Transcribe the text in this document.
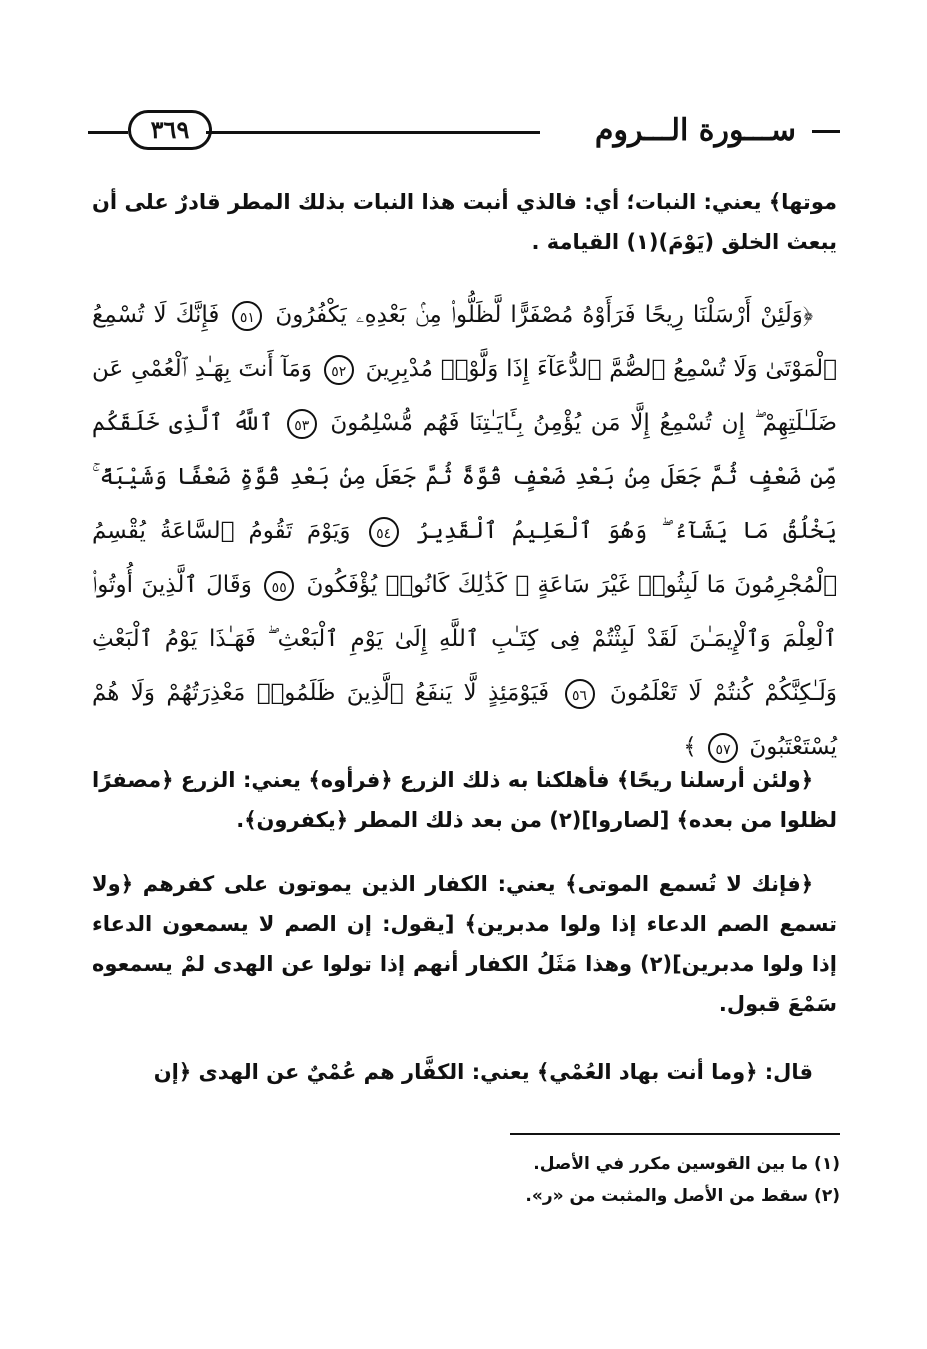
ســـورة الـــروم
٣٦٩
موتها﴾ يعني: النبات؛ أي: فالذي أنبت هذا النبات بذلك المطر قادرٌ على أن يبعث الخلق (يَوْمَ)(١) القيامة .
﴿وَلَئِنْ أَرْسَلْنَا رِيحًا فَرَأَوْهُ مُصْفَرًّا لَّظَلُّوا۟ مِنۢ بَعْدِهِۦ يَكْفُرُونَ ٥١ فَإِنَّكَ لَا تُسْمِعُ ٱلْمَوْتَىٰ وَلَا تُسْمِعُ ٱلصُّمَّ ٱلدُّعَآءَ إِذَا وَلَّوْا۟ مُدْبِرِينَ ٥٢ وَمَآ أَنتَ بِهَـٰدِ ٱلْعُمْىِ عَن ضَلَـٰلَتِهِمْ ۖ إِن تُسْمِعُ إِلَّا مَن يُؤْمِنُ بِـَٔايَـٰتِنَا فَهُم مُّسْلِمُونَ ٥٣ ٱللَّهُ ٱلَّذِى خَلَقَكُم مِّن ضَعْفٍ ثُمَّ جَعَلَ مِنۢ بَعْدِ ضَعْفٍ قُوَّةً ثُمَّ جَعَلَ مِنۢ بَعْدِ قُوَّةٍ ضَعْفًا وَشَيْبَةً ۚ يَخْلُقُ مَا يَشَآءُ ۖ وَهُوَ ٱلْعَلِيمُ ٱلْقَدِيرُ ٥٤ وَيَوْمَ تَقُومُ ٱلسَّاعَةُ يُقْسِمُ ٱلْمُجْرِمُونَ مَا لَبِثُوا۟ غَيْرَ سَاعَةٍ ۚ كَذَٰلِكَ كَانُوا۟ يُؤْفَكُونَ ٥٥ وَقَالَ ٱلَّذِينَ أُوتُوا۟ ٱلْعِلْمَ وَٱلْإِيمَـٰنَ لَقَدْ لَبِثْتُمْ فِى كِتَـٰبِ ٱللَّهِ إِلَىٰ يَوْمِ ٱلْبَعْثِ ۖ فَهَـٰذَا يَوْمُ ٱلْبَعْثِ وَلَـٰكِنَّكُمْ كُنتُمْ لَا تَعْلَمُونَ ٥٦ فَيَوْمَئِذٍ لَّا يَنفَعُ ٱلَّذِينَ ظَلَمُوا۟ مَعْذِرَتُهُمْ وَلَا هُمْ يُسْتَعْتَبُونَ ٥٧ ﴾
﴿ولئن أرسلنا ريحًا﴾ فأهلكنا به ذلك الزرع ﴿فرأوه﴾ يعني: الزرع ﴿مصفرًا لظلوا من بعده﴾ [لصاروا](٢) من بعد ذلك المطر ﴿يكفرون﴾.
﴿فإنك لا تُسمع الموتى﴾ يعني: الكفار الذين يموتون على كفرهم ﴿ولا تسمع الصم الدعاء إذا ولوا مدبرين﴾ [يقول: إن الصم لا يسمعون الدعاء إذا ولوا مدبرين](٢) وهذا مَثَلُ الكفار أنهم إذا تولوا عن الهدى لمْ يسمعوه سَمْعَ قبول.
قال: ﴿وما أنت بهاد العُمْي﴾ يعني: الكفَّار هم عُمْيٌ عن الهدى ﴿إن
(١) ما بين القوسين مكرر في الأصل.
(٢) سقط من الأصل والمثبت من «ر».
